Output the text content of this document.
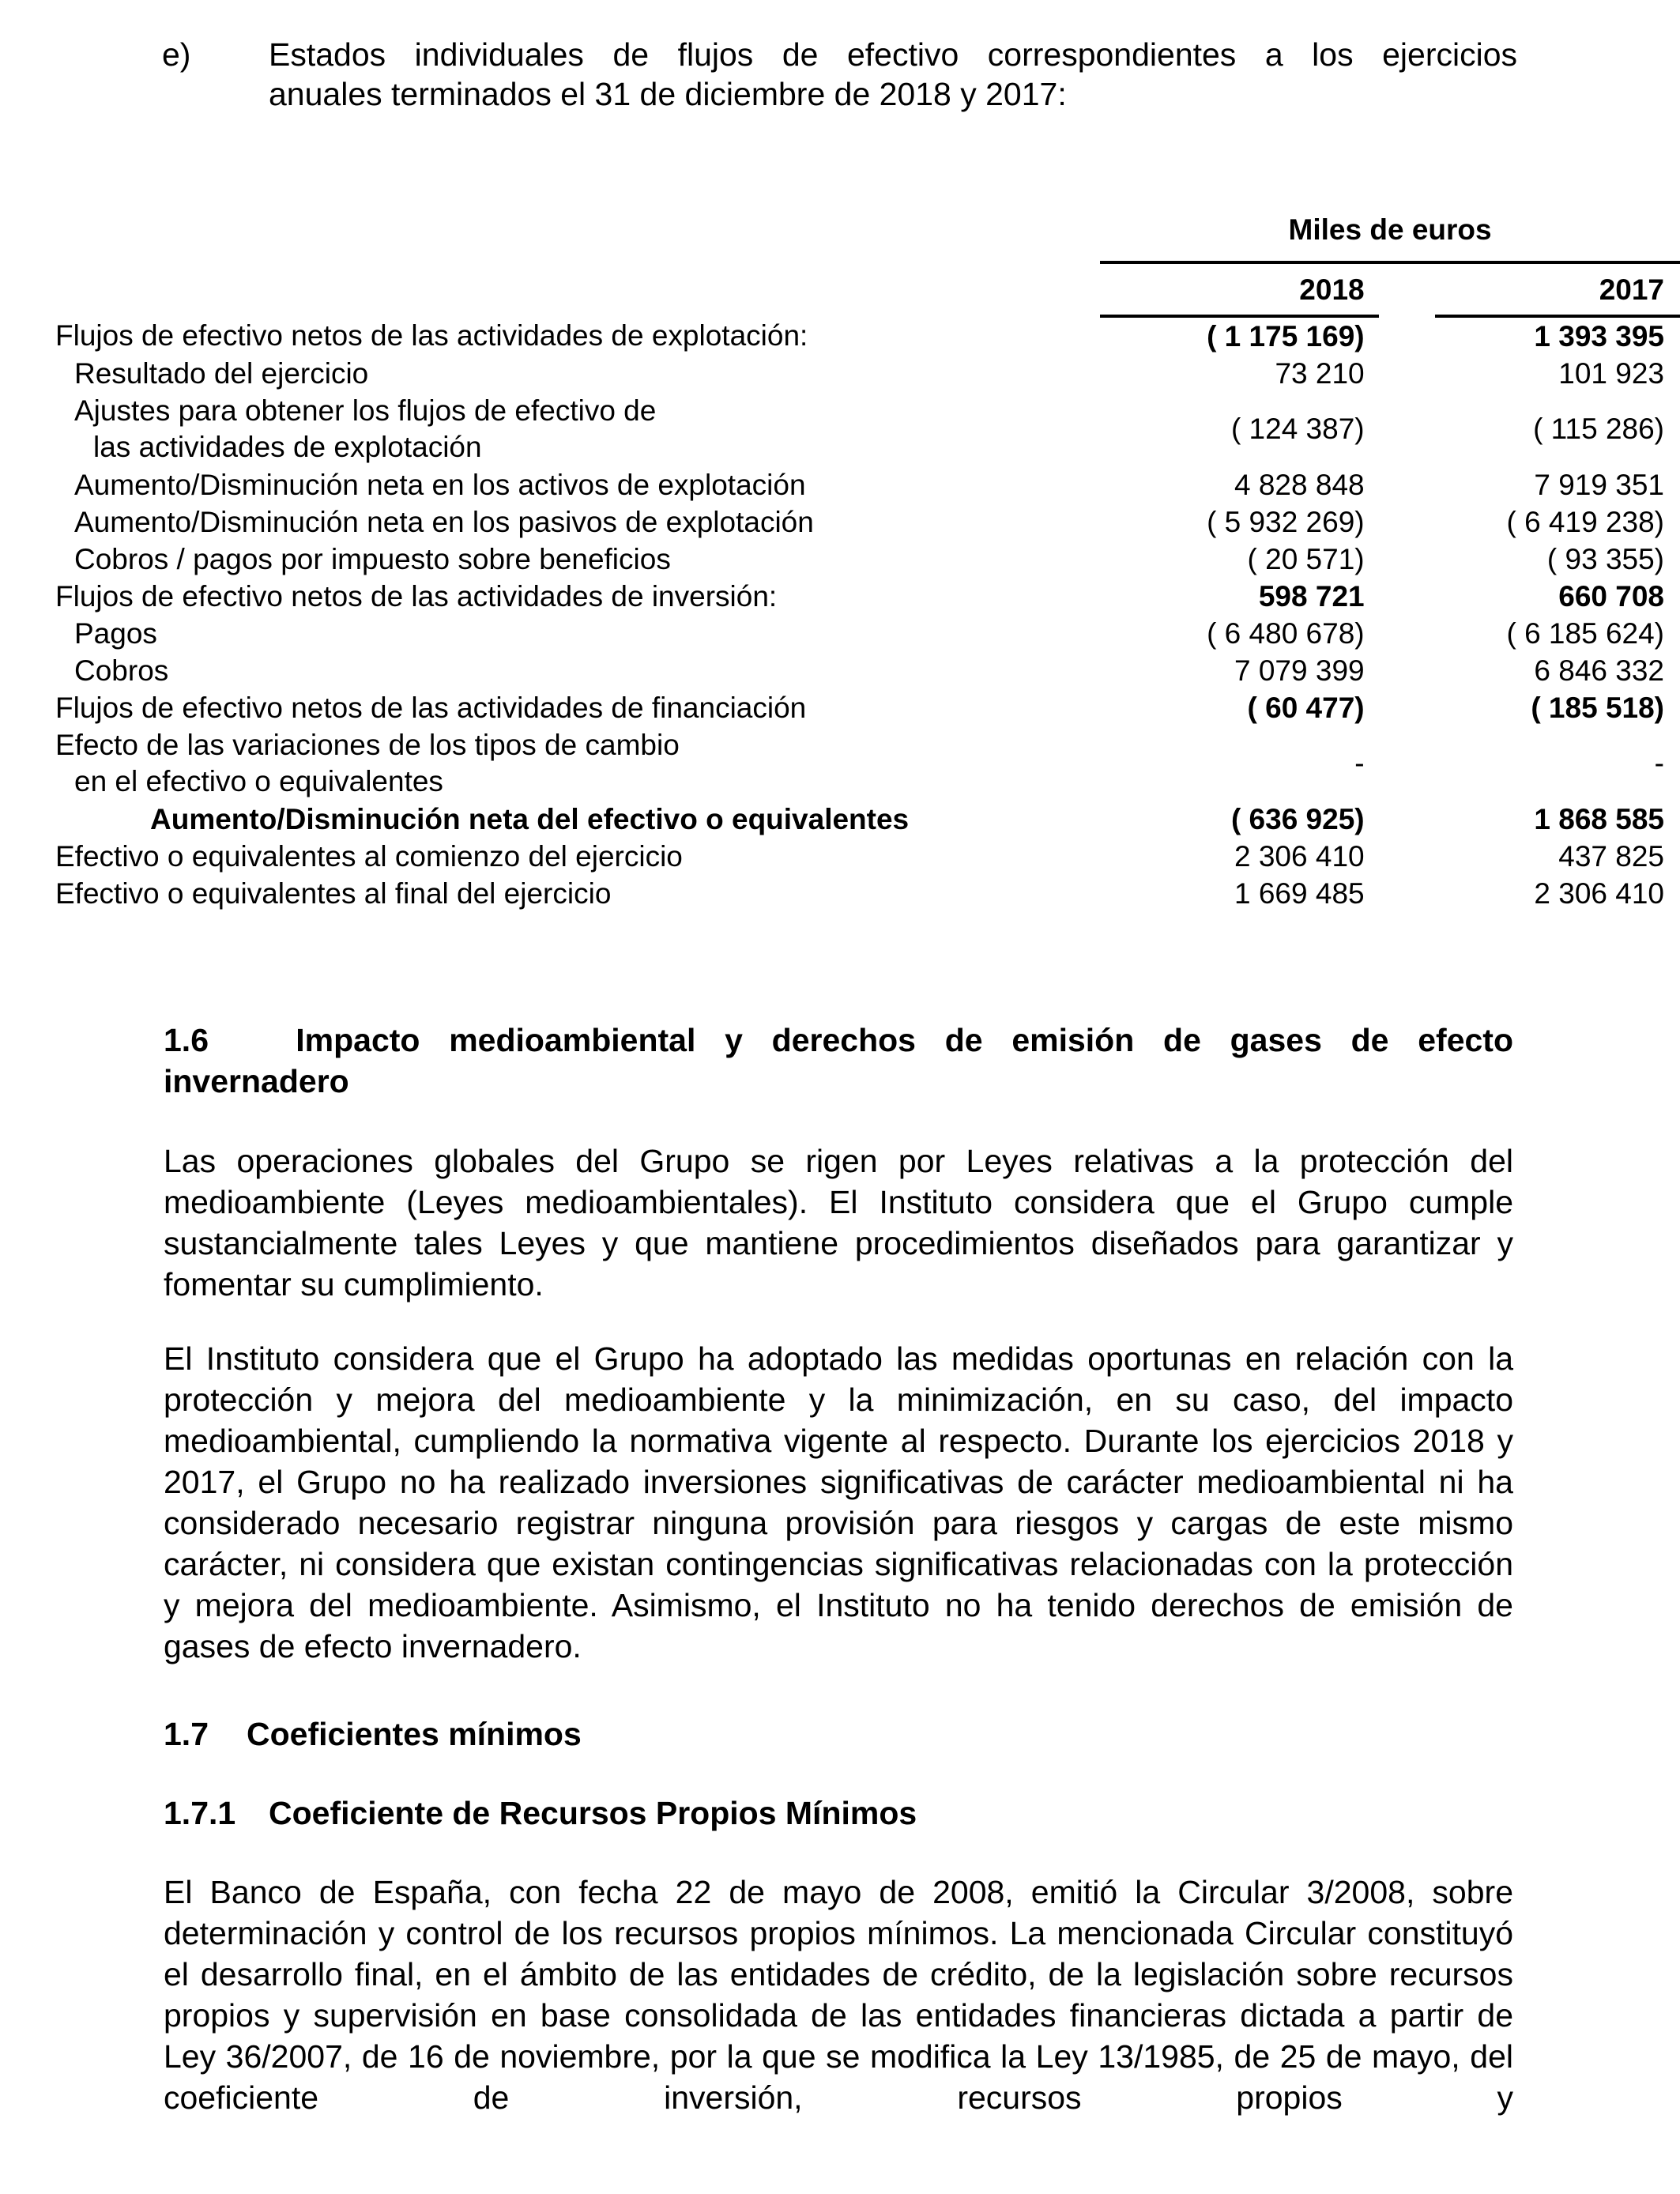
e) Estados individuales de flujos de efectivo correspondientes a los ejercicios
anuales terminados el 31 de diciembre de 2018 y 2017:
	Miles de euros		
	2018		2017
Flujos de efectivo netos de las actividades de explotación:	( 1 175 169)		1 393 395
Resultado del ejercicio	73 210		101 923

Ajustes para obtener los flujos de efectivo de
las actividades de explotación	( 124 387)		( 115 286)
Aumento/Disminución neta en los activos de explotación	4 828 848		7 919 351
Aumento/Disminución neta en los pasivos de explotación	( 5 932 269)		( 6 419 238)
Cobros / pagos por impuesto sobre beneficios	( 20 571)		( 93 355)
Flujos de efectivo netos de las actividades de inversión:	598 721		660 708
Pagos	( 6 480 678)		( 6 185 624)
Cobros	7 079 399		6 846 332
Flujos de efectivo netos de las actividades de financiación	( 60 477)		( 185 518)

Efecto de las variaciones de los tipos de cambio
en el efectivo o equivalentes	-		-
Aumento/Disminución neta del efectivo o equivalentes	( 636 925)		1 868 585
Efectivo o equivalentes al comienzo del ejercicio	2 306 410		437 825
Efectivo o equivalentes al final del ejercicio	1 669 485		2 306 410
1.6	Impacto medioambiental y derechos de emisión de gases de efecto
invernadero
Las operaciones globales del Grupo se rigen por Leyes relativas a la protección del medioambiente (Leyes medioambientales). El Instituto considera que el Grupo cumple sustancialmente tales Leyes y que mantiene procedimientos diseñados para garantizar y fomentar su cumplimiento.
El Instituto considera que el Grupo ha adoptado las medidas oportunas en relación con la protección y mejora del medioambiente y la minimización, en su caso, del impacto medioambiental, cumpliendo la normativa vigente al respecto. Durante los ejercicios 2018 y 2017, el Grupo no ha realizado inversiones significativas de carácter medioambiental ni ha considerado necesario registrar ninguna provisión para riesgos y cargas de este mismo carácter, ni considera que existan contingencias significativas relacionadas con la protección y mejora del medioambiente. Asimismo, el Instituto no ha tenido derechos de emisión de gases de efecto invernadero.
1.7 Coeficientes mínimos
1.7.1 Coeficiente de Recursos Propios Mínimos
El Banco de España, con fecha 22 de mayo de 2008, emitió la Circular 3/2008, sobre determinación y control de los recursos propios mínimos. La mencionada Circular constituyó el desarrollo final, en el ámbito de las entidades de crédito, de la legislación sobre recursos propios y supervisión en base consolidada de las entidades financieras dictada a partir de Ley 36/2007, de 16 de noviembre, por la que se modifica la Ley 13/1985, de 25 de mayo, del coeficiente de inversión, recursos propios y
